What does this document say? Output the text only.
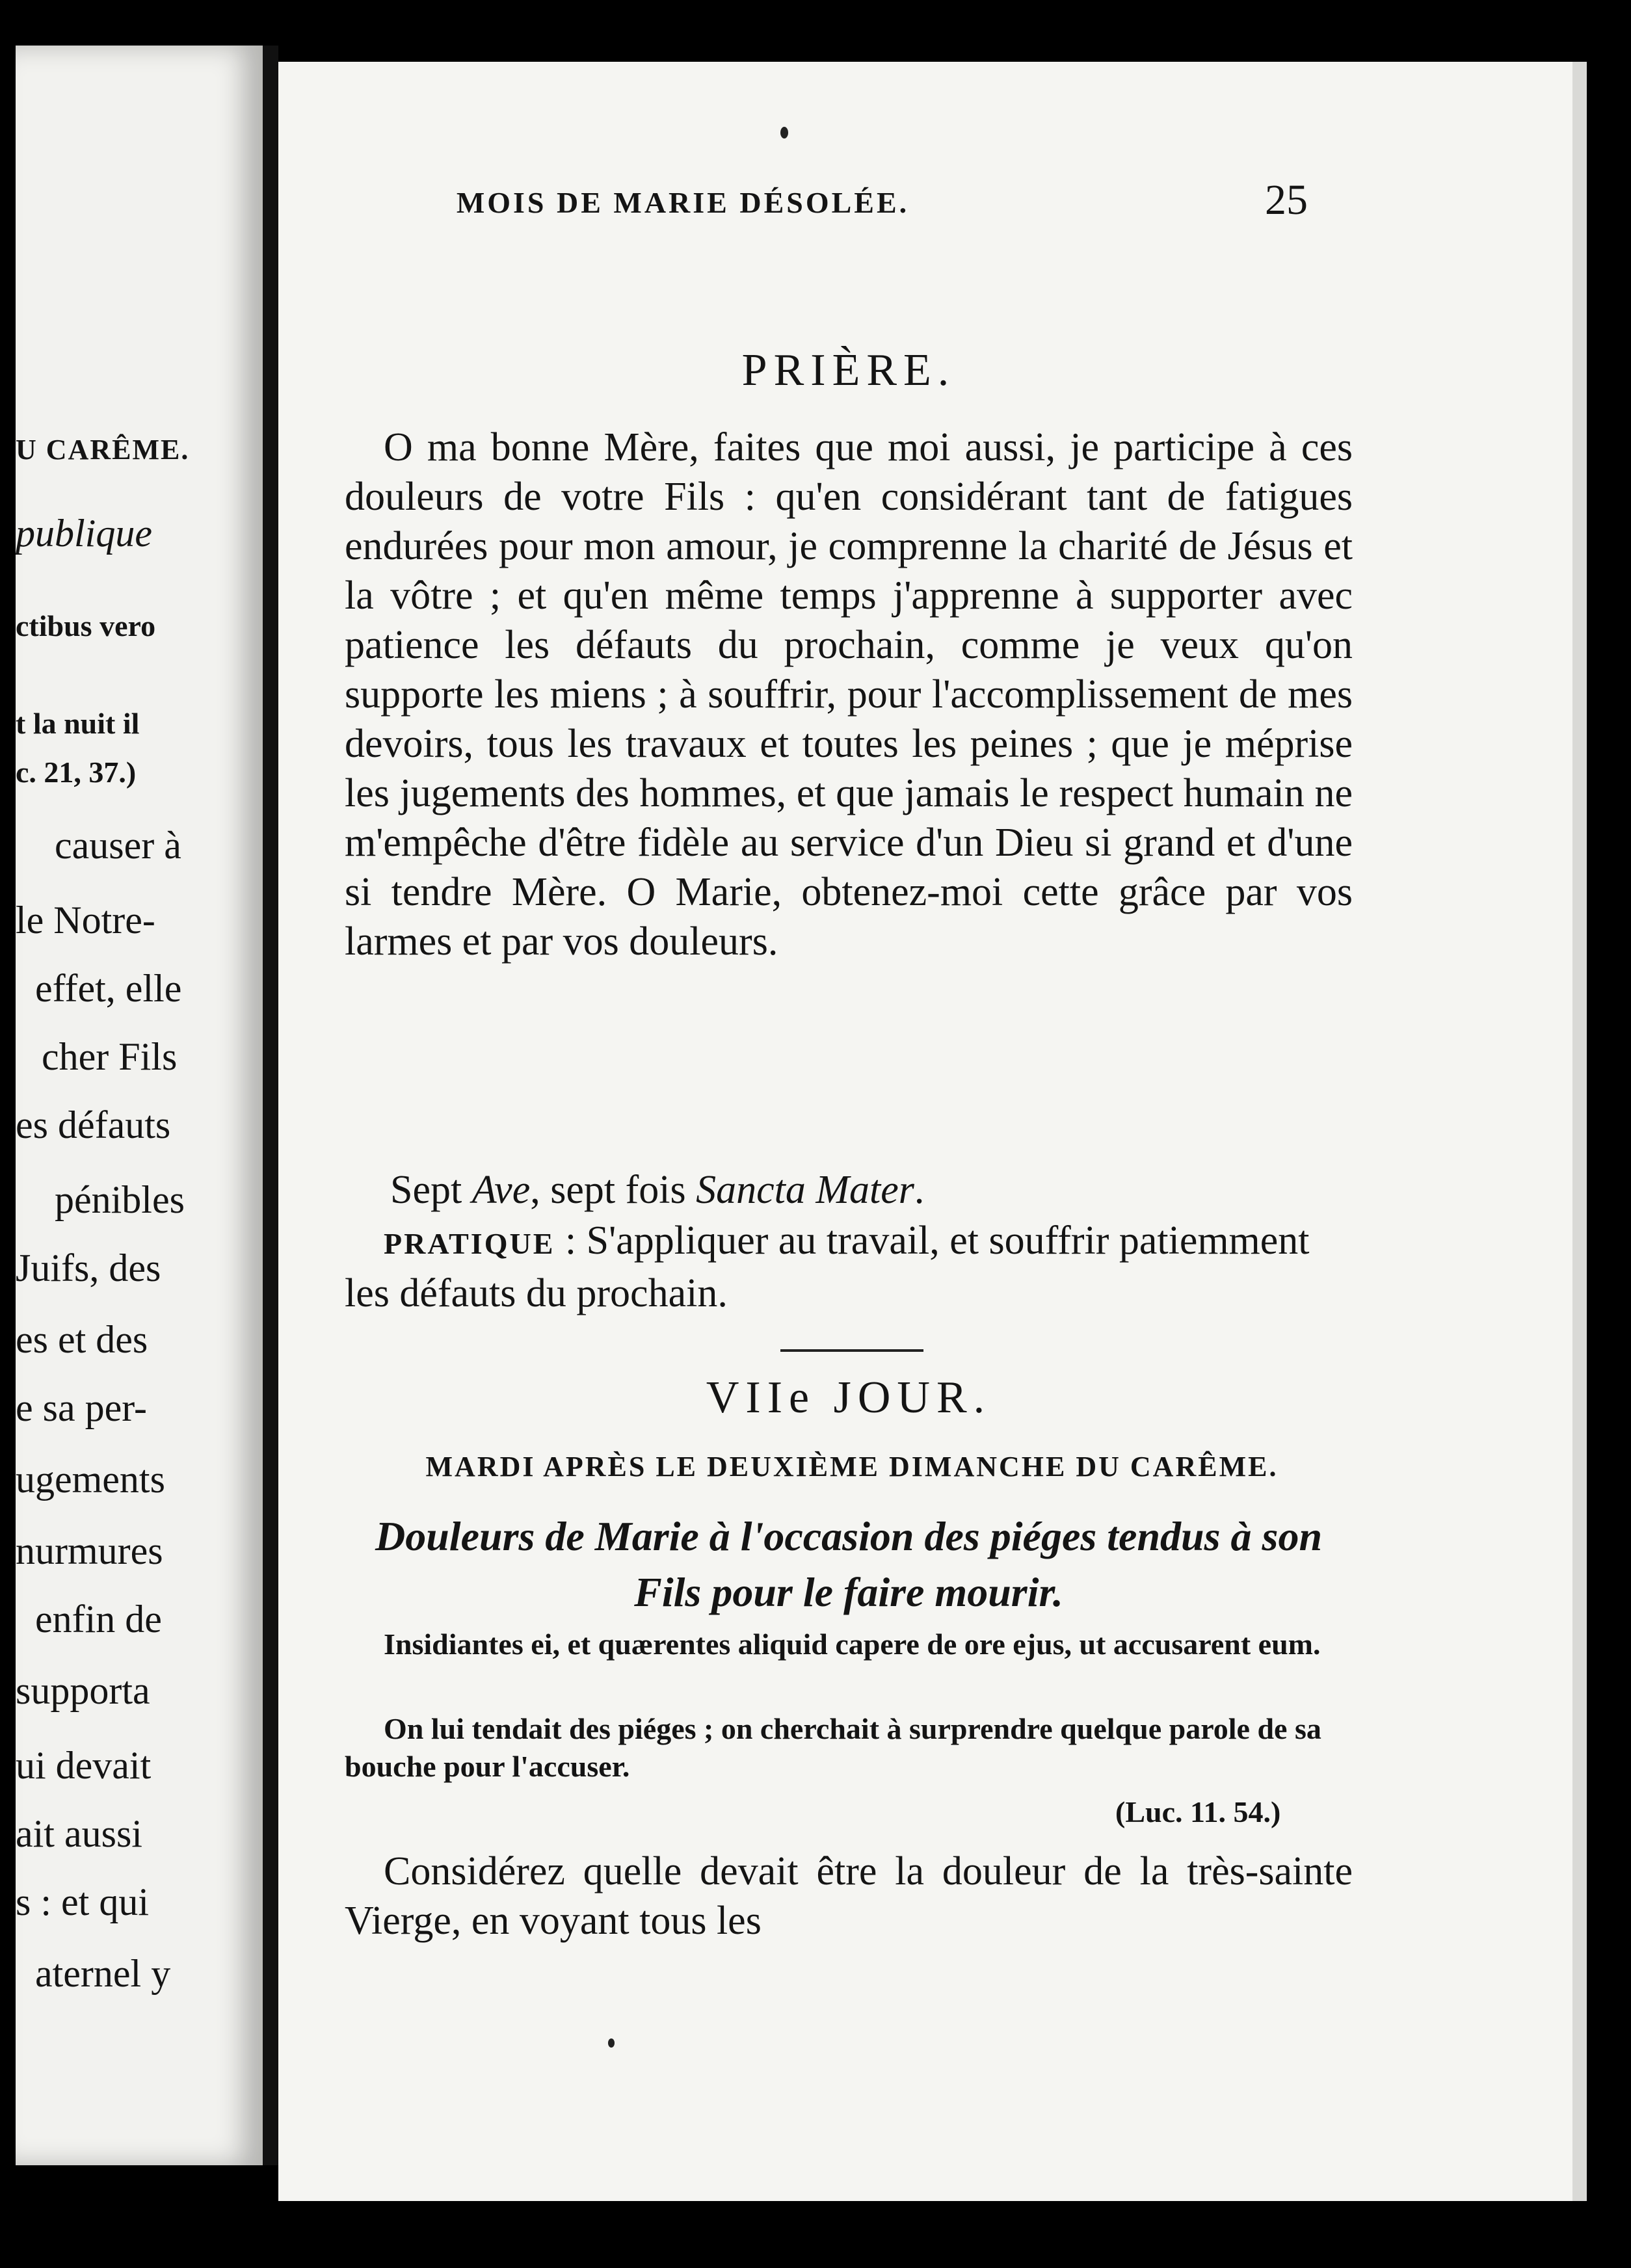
U CARÊME.
publique
ctibus vero
t la nuit il
c. 21, 37.)
causer à
le Notre-
effet, elle
cher Fils
es défauts
pénibles
Juifs, des
es et des
e sa per-
ugements
nurmures
enfin de
supporta
ui devait
ait aussi
s : et qui
aternel y
MOIS DE MARIE DÉSOLÉE.	25
PRIÈRE.

O ma bonne Mère, faites que moi aussi, je participe à ces douleurs de votre Fils : qu'en considérant tant de fatigues endurées pour mon amour, je comprenne la charité de Jésus et la vôtre ; et qu'en même temps j'apprenne à supporter avec patience les défauts du prochain, comme je veux qu'on supporte les miens ; à souffrir, pour l'accomplissement de mes devoirs, tous les travaux et toutes les peines ; que je méprise les jugements des hommes, et que jamais le respect humain ne m'empêche d'être fidèle au service d'un Dieu si grand et d'une si tendre Mère. O Marie, obtenez-moi cette grâce par vos larmes et par vos douleurs.

Sept Ave, sept fois Sancta Mater.

PRATIQUE : S'appliquer au travail, et souffrir patiemment les défauts du prochain.

VIIe JOUR.
MARDI APRÈS LE DEUXIÈME DIMANCHE DU CARÊME.

Douleurs de Marie à l'occasion des piéges tendus à son Fils pour le faire mourir.

Insidiantes ei, et quærentes aliquid capere de ore ejus, ut accusarent eum.

On lui tendait des piéges ; on cherchait à surprendre quelque parole de sa bouche pour l'accuser.

(Luc. 11. 54.)

Considérez quelle devait être la douleur de la très-sainte Vierge, en voyant tous les
